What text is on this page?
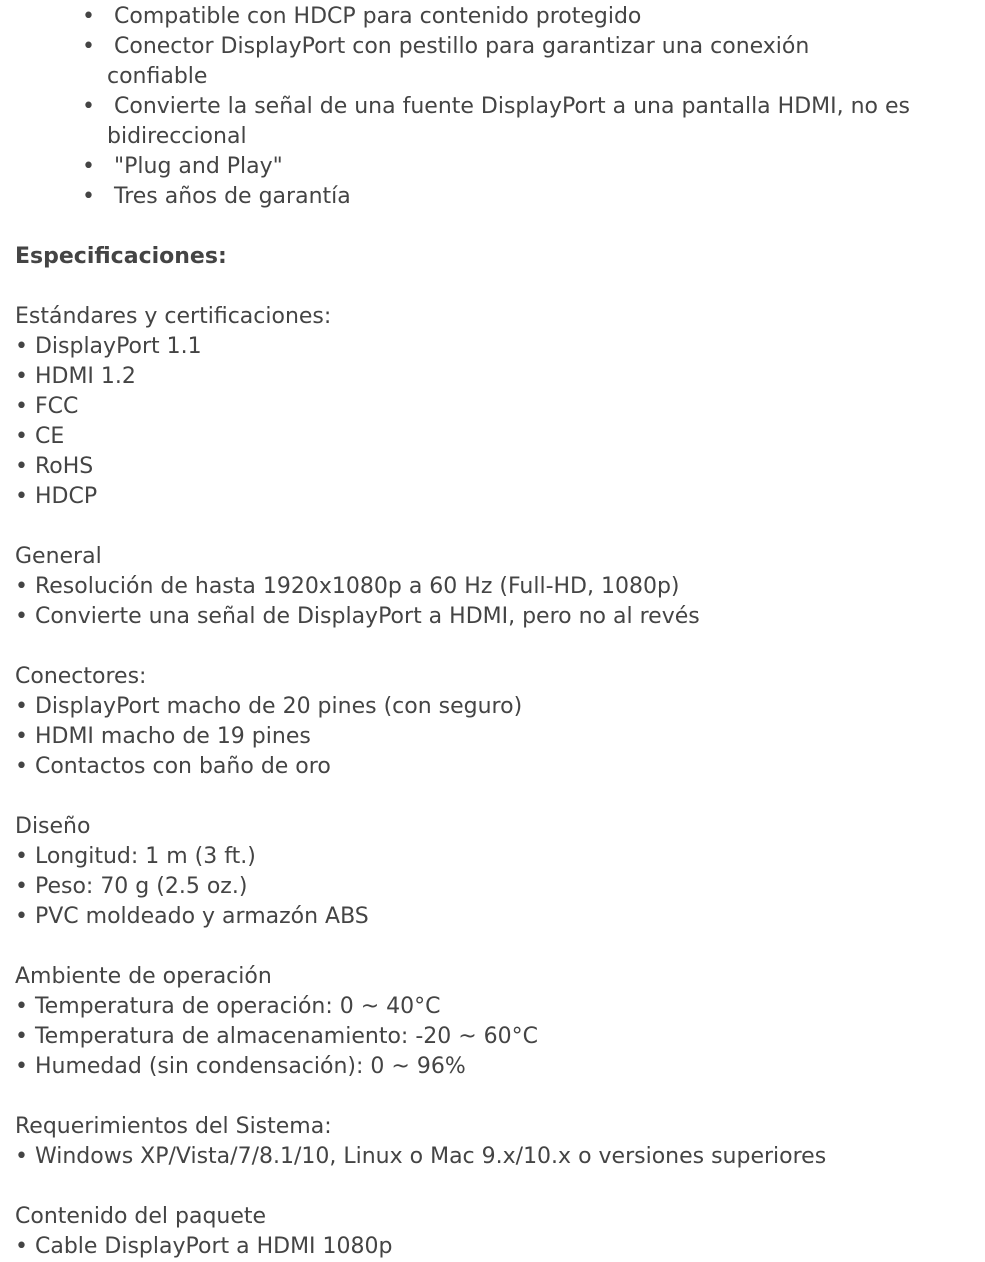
• Compatible con HDCP para contenido protegido
• Conector DisplayPort con pestillo para garantizar una conexión confiable
• Convierte la señal de una fuente DisplayPort a una pantalla HDMI, no es bidireccional
• "Plug and Play"
• Tres años de garantía

Especificaciones:

Estándares y certificaciones:

• DisplayPort 1.1

• HDMI 1.2

• FCC

• CE

• RoHS

• HDCP

General

• Resolución de hasta 1920x1080p a 60 Hz (Full-HD, 1080p)

• Convierte una señal de DisplayPort a HDMI, pero no al revés

Conectores:

• DisplayPort macho de 20 pines (con seguro)

• HDMI macho de 19 pines

• Contactos con baño de oro

Diseño

• Longitud: 1 m (3 ft.)

• Peso: 70 g (2.5 oz.)

• PVC moldeado y armazón ABS

Ambiente de operación

• Temperatura de operación: 0 ~ 40°C

• Temperatura de almacenamiento: -20 ~ 60°C

• Humedad (sin condensación): 0 ~ 96%

Requerimientos del Sistema:

• Windows XP/Vista/7/8.1/10, Linux o Mac 9.x/10.x o versiones superiores

Contenido del paquete

• Cable DisplayPort a HDMI 1080p
